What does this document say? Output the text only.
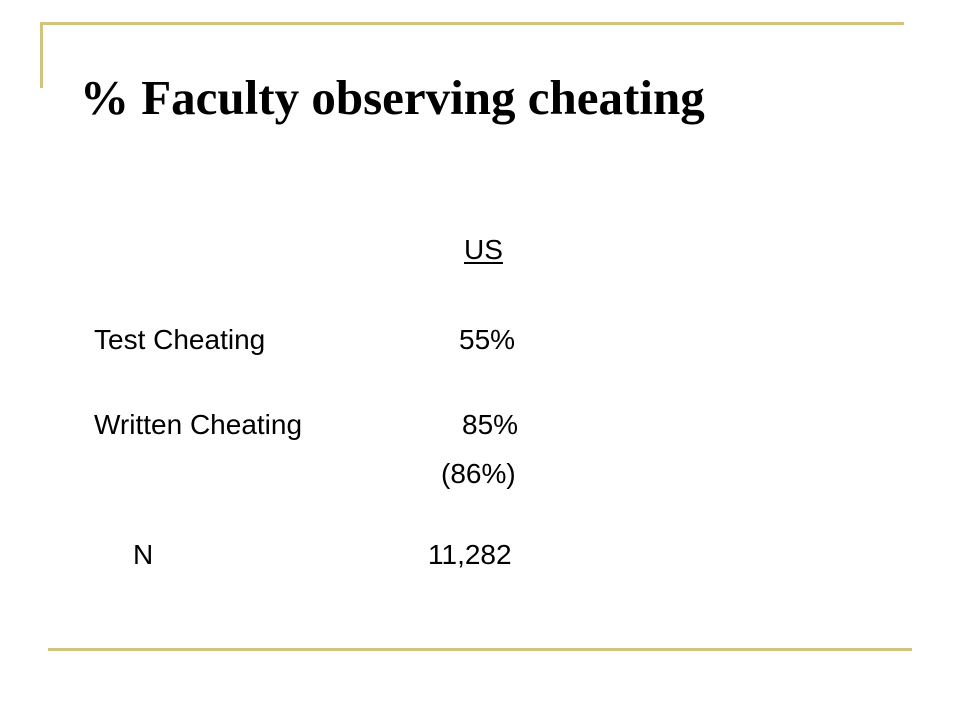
% Faculty observing cheating
US
Test Cheating	55%
Written Cheating	85%
(86%)
N	11,282
